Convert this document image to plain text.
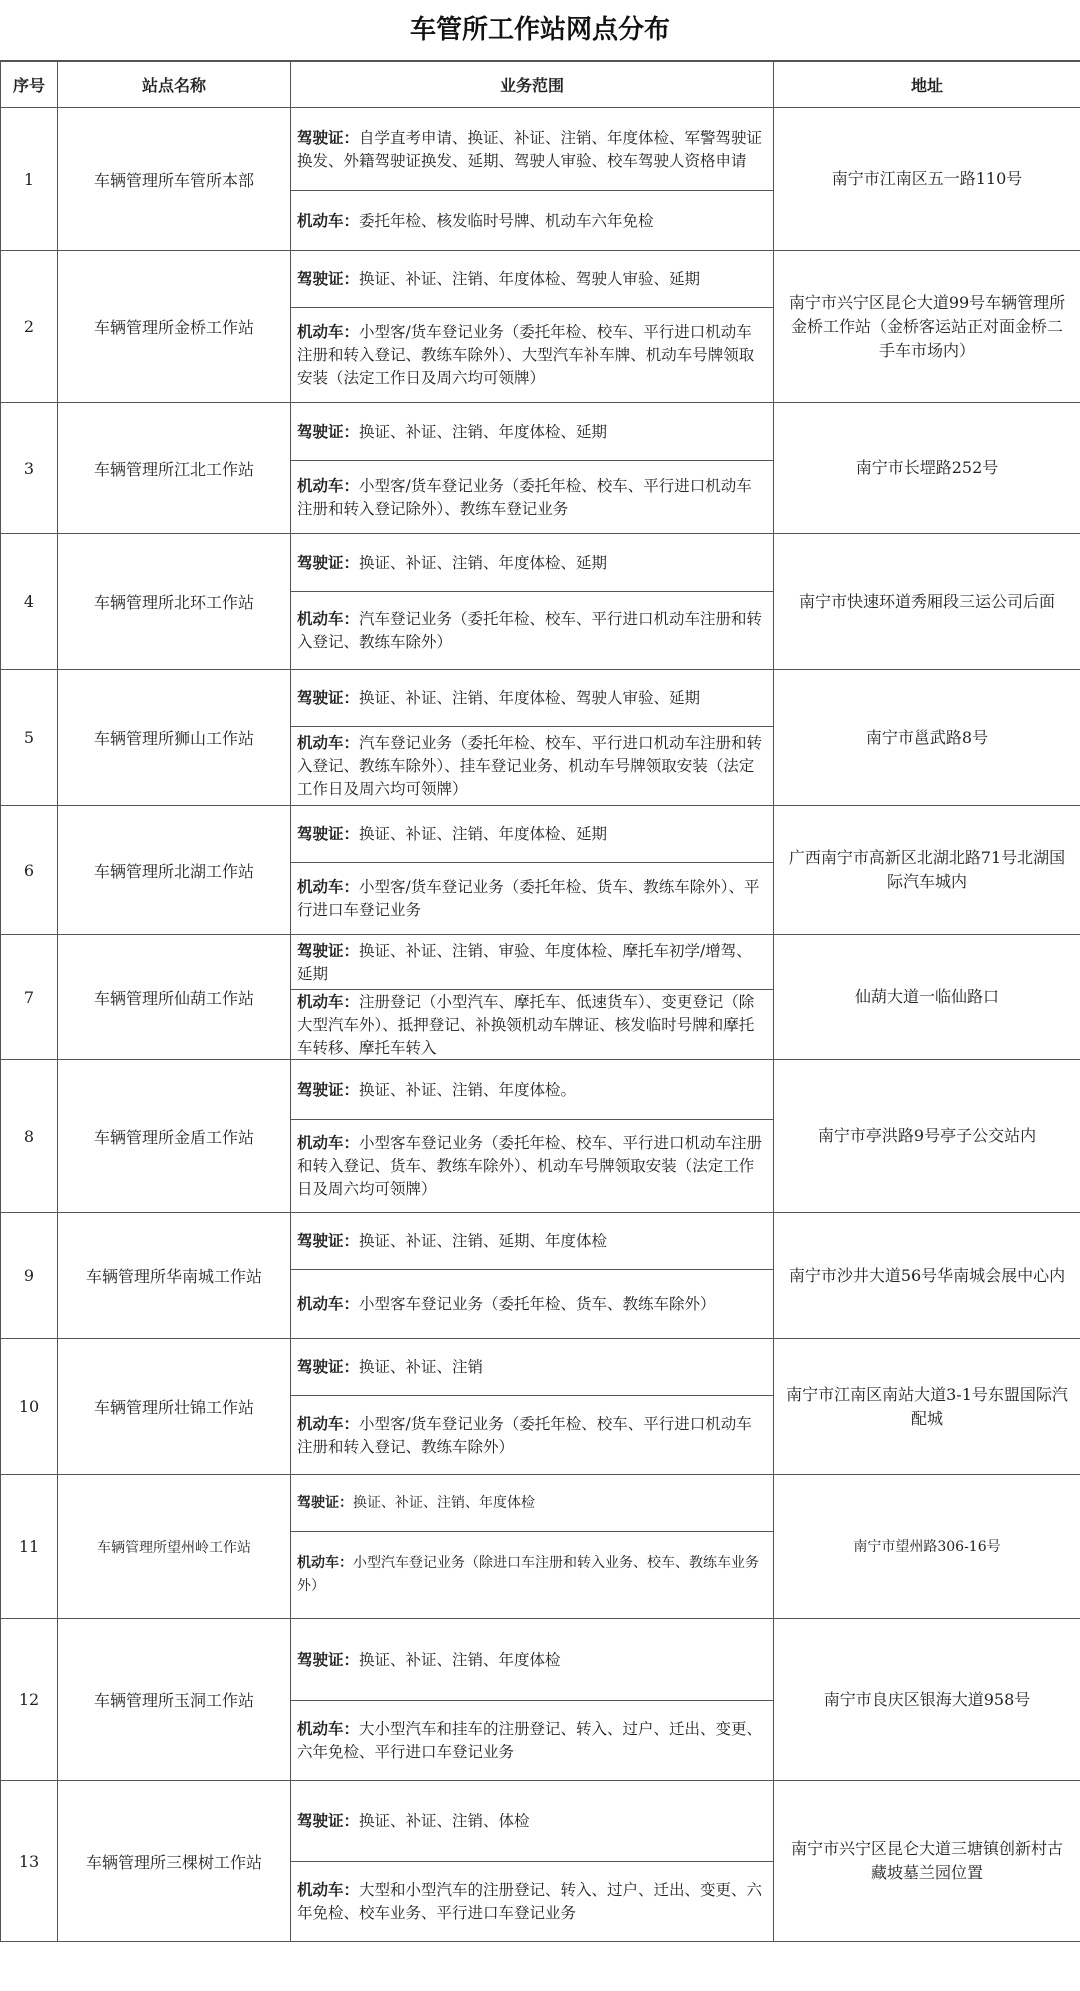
车管所工作站网点分布
序号	站点名称	业务范围	地址
1	车辆管理所车管所本部	驾驶证：自学直考申请、换证、补证、注销、年度体检、军警驾驶证换发、外籍驾驶证换发、延期、驾驶人审验、校车驾驶人资格申请
机动车：委托年检、核发临时号牌、机动车六年免检	南宁市江南区五一路110号
2	车辆管理所金桥工作站	驾驶证：换证、补证、注销、年度体检、驾驶人审验、延期
机动车：小型客/货车登记业务（委托年检、校车、平行进口机动车注册和转入登记、教练车除外）、大型汽车补车牌、机动车号牌领取安装（法定工作日及周六均可领牌）	南宁市兴宁区昆仑大道99号车辆管理所金桥工作站（金桥客运站正对面金桥二手车市场内）
3	车辆管理所江北工作站	驾驶证：换证、补证、注销、年度体检、延期
机动车：小型客/货车登记业务（委托年检、校车、平行进口机动车注册和转入登记除外）、教练车登记业务	南宁市长堽路252号
4	车辆管理所北环工作站	驾驶证：换证、补证、注销、年度体检、延期
机动车：汽车登记业务（委托年检、校车、平行进口机动车注册和转入登记、教练车除外）	南宁市快速环道秀厢段三运公司后面
5	车辆管理所狮山工作站	驾驶证：换证、补证、注销、年度体检、驾驶人审验、延期
机动车：汽车登记业务（委托年检、校车、平行进口机动车注册和转入登记、教练车除外）、挂车登记业务、机动车号牌领取安装（法定工作日及周六均可领牌）	南宁市邕武路8号
6	车辆管理所北湖工作站	驾驶证：换证、补证、注销、年度体检、延期
机动车：小型客/货车登记业务（委托年检、货车、教练车除外）、平行进口车登记业务	广西南宁市高新区北湖北路71号北湖国际汽车城内
7	车辆管理所仙葫工作站	驾驶证：换证、补证、注销、审验、年度体检、摩托车初学/增驾、延期
机动车：注册登记（小型汽车、摩托车、低速货车）、变更登记（除大型汽车外）、抵押登记、补换领机动车牌证、核发临时号牌和摩托车转移、摩托车转入	仙葫大道一临仙路口
8	车辆管理所金盾工作站	驾驶证：换证、补证、注销、年度体检。
机动车：小型客车登记业务（委托年检、校车、平行进口机动车注册和转入登记、货车、教练车除外）、机动车号牌领取安装（法定工作日及周六均可领牌）	南宁市亭洪路9号亭子公交站内
9	车辆管理所华南城工作站	驾驶证：换证、补证、注销、延期、年度体检
机动车：小型客车登记业务（委托年检、货车、教练车除外）	南宁市沙井大道56号华南城会展中心内
10	车辆管理所壮锦工作站	驾驶证：换证、补证、注销
机动车：小型客/货车登记业务（委托年检、校车、平行进口机动车注册和转入登记、教练车除外）	南宁市江南区南站大道3-1号东盟国际汽配城
11	车辆管理所望州岭工作站	驾驶证：换证、补证、注销、年度体检
机动车：小型汽车登记业务（除进口车注册和转入业务、校车、教练车业务外）	南宁市望州路306-16号
12	车辆管理所玉洞工作站	驾驶证：换证、补证、注销、年度体检
机动车：大小型汽车和挂车的注册登记、转入、过户、迁出、变更、六年免检、平行进口车登记业务	南宁市良庆区银海大道958号
13	车辆管理所三棵树工作站	驾驶证：换证、补证、注销、体检
机动车：大型和小型汽车的注册登记、转入、过户、迁出、变更、六年免检、校车业务、平行进口车登记业务	南宁市兴宁区昆仑大道三塘镇创新村古藏坡墓兰园位置
